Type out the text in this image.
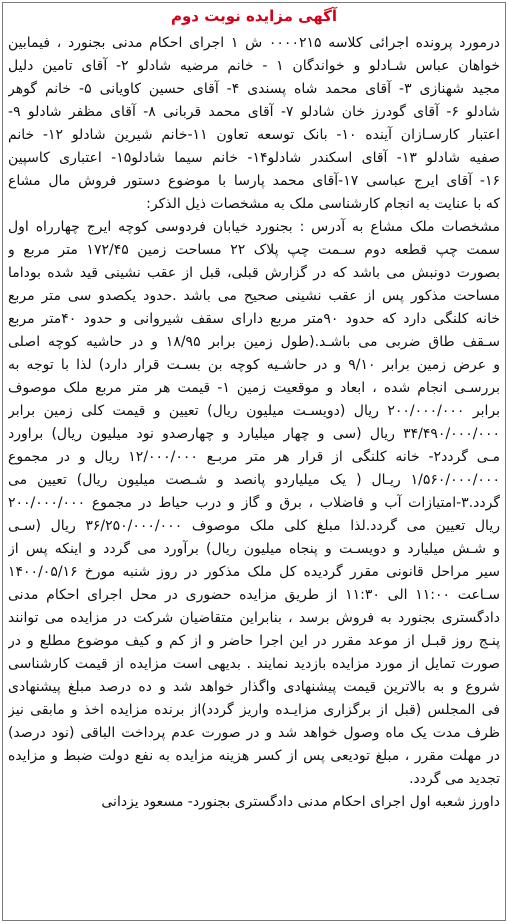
آگهی مزایده نوبت دوم
درمورد پرونده اجرائی کلاسه ۰۰۰۰۲۱۵ ش ۱ اجرای احکام مدنی بجنورد ، فیمابین
خواهان عباس شـادلو و خواندگان ۱ - خانم مرضیه شادلو ۲- آقای تامین دلیل
مجید شهنازی ۳- آقای محمد شاه پسندی ۴- آقای حسین کاویانی ۵- خانم گوهر
شادلو ۶- آقای گودرز خان شادلو ۷- آقای محمد قربانی ۸- آقای مظفر شادلو ۹-
اعتبار کارسـازان آینده ۱۰- بانک توسعه تعاون ۱۱-خانم شیرین شادلو ۱۲- خانم
صفیه شادلو ۱۳- آقای اسکندر شادلو۱۴- خانم سیما شادلو۱۵- اعتباری کاسپین
۱۶- آقای ایرج عباسی ۱۷-آقای محمد پارسا با موضوع دستور فروش مال مشاع
که با عنایت به انجام کارشناسی ملک به مشخصات ذیل الذکر:
مشخصات ملک مشاع به آدرس : بجنورد خیابان فردوسی کوچه ایرج چهارراه اول
سمت چپ قطعه دوم سـمت چپ پلاک ۲۲ مساحت زمین ۱۷۲/۴۵ متر مربع و
بصورت دونبش می باشد که در گزارش قبلی، قبل از عقب نشینی قید شده بوداما
مساحت مذکور پس از عقب نشینی صحیح می باشد .حدود یکصدو سی متر مربع
خانه کلنگی دارد که حدود ۹۰متر مربع دارای سقف شیروانی و حدود ۴۰متر مربع
سـقف طاق ضربی می باشـد.(طول زمین برابر ۱۸/۹۵ و در حاشیه کوچه اصلی
و عرض زمین برابر ۹/۱۰ و در حاشـیه کوچه بن بسـت قرار دارد) لذا با توجه به
بررسـی انجام شده ، ابعاد و موقعیت زمین ۱- قیمت هر متر مربع ملک موصوف
برابر ۲۰۰/۰۰۰/۰۰۰ ریال (دویسـت میلیون ریال) تعیین و قیمت کلی زمین برابر
۳۴/۴۹۰/۰۰۰/۰۰۰ ریال (سی و چهار میلیارد و چهارصدو نود میلیون ریال) براورد
مـی گردد۲- خانه کلنگی از قرار هر متر مربـع ۱۲/۰۰۰/۰۰۰ ریال و در مجموع
۱/۵۶۰/۰۰۰/۰۰۰ ریـال ( یک میلیاردو پانصد و شـصت میلیون ریال) تعیین می
گردد.۳-امتیازات آب و فاضلاب ، برق و گاز و درب حیاط در مجموع ۲۰۰/۰۰۰/۰۰۰
ریال تعیین می گردد.لذا مبلغ کلی ملک موصوف ۳۶/۲۵۰/۰۰۰/۰۰۰ ریال (سـی
و شـش میلیارد و دویسـت و پنجاه میلیون ریال) برآورد می گردد و اینکه پس از
سیر مراحل قانونی مقرر گردیده کل ملک مذکور در روز شنبه مورخ ۱۴۰۰/۰۵/۱۶
سـاعت ۱۱:۰۰ الی ۱۱:۳۰ از طریق مزایده حضوری در محل اجرای احکام مدنی
دادگستری بجنورد به فروش برسد ، بنابراین متقاضیان شرکت در مزایده می توانند
پنـج روز قبـل از موعد مقرر در این اجرا حاضر و از کم و کیف موضوع مطلع و در
صورت تمایل از مورد مزایده بازدید نمایند . بدیهی است مزایده از قیمت کارشناسی
شروع و به بالاترین قیمت پیشنهادی واگذار خواهد شد و ده درصد مبلغ پیشنهادی
فی المجلس (قبل از برگزاری مزایـده واریز گردد)از برنده مزایده اخذ و مابقی نیز
ظرف مدت یک ماه وصول خواهد شد و در صورت عدم پرداخت الباقی (نود درصد)
در مهلت مقرر ، مبلغ تودیعی پس از کسر هزینه مزایده به نفع دولت ضبط و مزایده
تجدید می گردد.
داورز شعبه اول اجرای احکام مدنی دادگستری بجنورد- مسعود یزدانی
